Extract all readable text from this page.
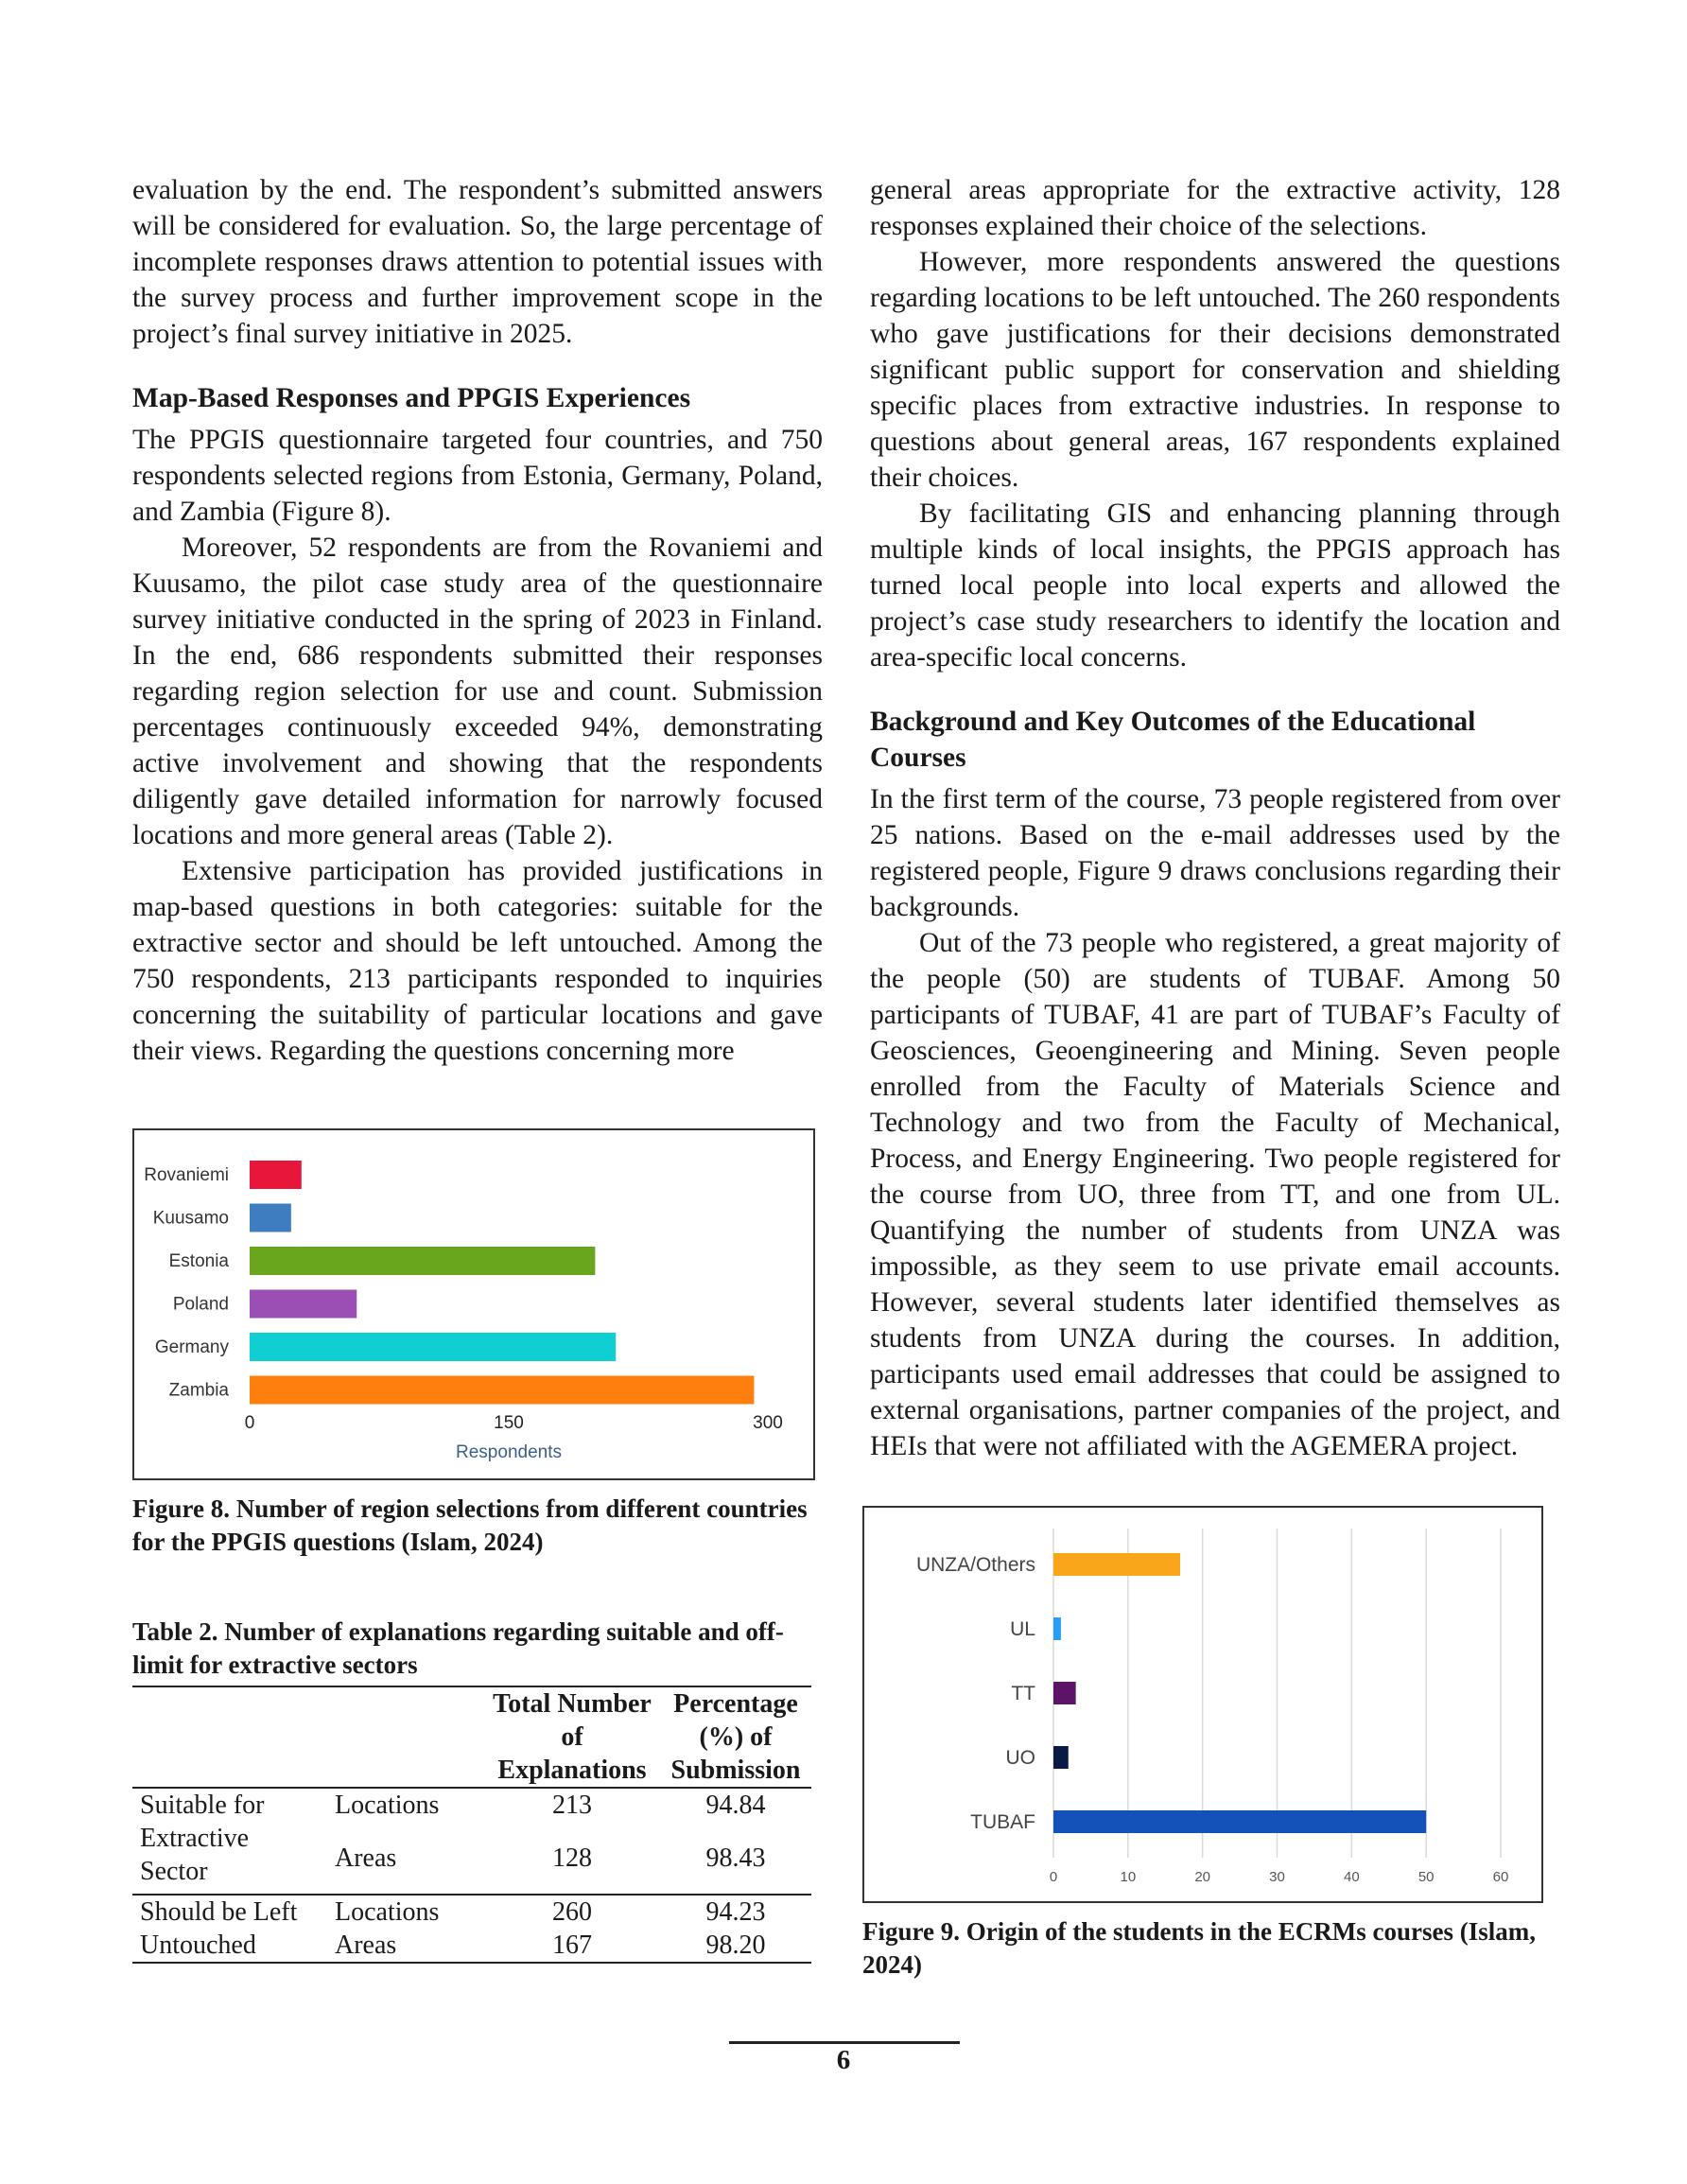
evaluation by the end. The respondent’s submitted answers will be considered for evaluation. So, the large percentage of incomplete responses draws attention to potential issues with the survey process and further improvement scope in the project’s final survey initiative in 2025.

Map-Based Responses and PPGIS Experiences

The PPGIS questionnaire targeted four countries, and 750 respondents selected regions from Estonia, Germany, Poland, and Zambia (Figure 8).

Moreover, 52 respondents are from the Rovaniemi and Kuusamo, the pilot case study area of the questionnaire survey initiative conducted in the spring of 2023 in Finland. In the end, 686 respondents submitted their responses regarding region selection for use and count. Submission percentages continuously exceeded 94%, demonstrating active involvement and showing that the respondents diligently gave detailed information for narrowly focused locations and more general areas (Table 2).

Extensive participation has provided justifications in map-based questions in both categories: suitable for the extractive sector and should be left untouched. Among the 750 respondents, 213 participants responded to inquiries concerning the suitability of particular locations and gave their views. Regarding the questions concerning more

Rovaniemi
Kuusamo
Estonia
Poland
Germany
Zambia
0	150	300
Respondents
Figure 8. Number of region selections from different countries for the PPGIS questions (Islam, 2024)
Table 2. Number of explanations regarding suitable and off-limit for extractive sectors
		Total Number of Explanations	Percentage (%) of Submission
Suitable for Extractive Sector	Locations	213	94.84
	Areas	128	98.43
Should be Left Untouched	Locations	260	94.23
	Areas	167	98.20

general areas appropriate for the extractive activity, 128 responses explained their choice of the selections.

However, more respondents answered the questions regarding locations to be left untouched. The 260 respondents who gave justifications for their decisions demonstrated significant public support for conservation and shielding specific places from extractive industries. In response to questions about general areas, 167 respondents explained their choices.

By facilitating GIS and enhancing planning through multiple kinds of local insights, the PPGIS approach has turned local people into local experts and allowed the project’s case study researchers to identify the location and area-specific local concerns.

Background and Key Outcomes of the Educational Courses

In the first term of the course, 73 people registered from over 25 nations. Based on the e-mail addresses used by the registered people, Figure 9 draws conclusions regarding their backgrounds.

Out of the 73 people who registered, a great majority of the people (50) are students of TUBAF. Among 50 participants of TUBAF, 41 are part of TUBAF’s Faculty of Geosciences, Geoengineering and Mining. Seven people enrolled from the Faculty of Materials Science and Technology and two from the Faculty of Mechanical, Process, and Energy Engineering. Two people registered for the course from UO, three from TT, and one from UL. Quantifying the number of students from UNZA was impossible, as they seem to use private email accounts. However, several students later identified themselves as students from UNZA during the courses. In addition, participants used email addresses that could be assigned to external organisations, partner companies of the project, and HEIs that were not affiliated with the AGEMERA project.

0	10	20	30	40	50	60
UNZA/Others
UL
TT
UO
TUBAF
Figure 9. Origin of the students in the ECRMs courses (Islam, 2024)
6
